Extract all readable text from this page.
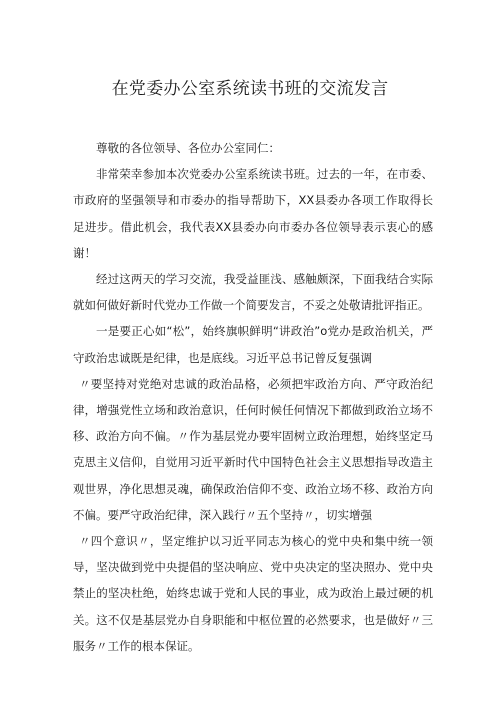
在党委办公室系统读书班的交流发言

尊敬的各位领导、各位办公室同仁：

非常荣幸参加本次党委办公室系统读书班。过去的一年，在市委、市政府的坚强领导和市委办的指导帮助下，XX县委办各项工作取得长足进步。借此机会，我代表XX县委办向市委办各位领导表示衷心的感谢！

经过这两天的学习交流，我受益匪浅、感触颇深，下面我结合实际就如何做好新时代党办工作做一个简要发言，不妥之处敬请批评指正。

一是要正心如“松”，始终旗帜鲜明“讲政治”o党办是政治机关，严守政治忠诚既是纪律，也是底线。习近平总书记曾反复强调

〃要坚持对党绝对忠诚的政治品格，必须把牢政治方向、严守政治纪律，增强党性立场和政治意识，任何时候任何情况下都做到政治立场不移、政治方向不偏。〃作为基层党办要牢固树立政治理想，始终坚定马克思主义信仰，自觉用习近平新时代中国特色社会主义思想指导改造主观世界，净化思想灵魂，确保政治信仰不变、政治立场不移、政治方向不偏。要严守政治纪律，深入践行〃五个坚持〃，切实增强

〃四个意识〃，坚定维护以习近平同志为核心的党中央和集中统一领导，坚决做到党中央提倡的坚决响应、党中央决定的坚决照办、党中央禁止的坚决杜绝，始终忠诚于党和人民的事业，成为政治上最过硬的机关。这不仅是基层党办自身职能和中枢位置的必然要求，也是做好〃三服务〃工作的根本保证。
